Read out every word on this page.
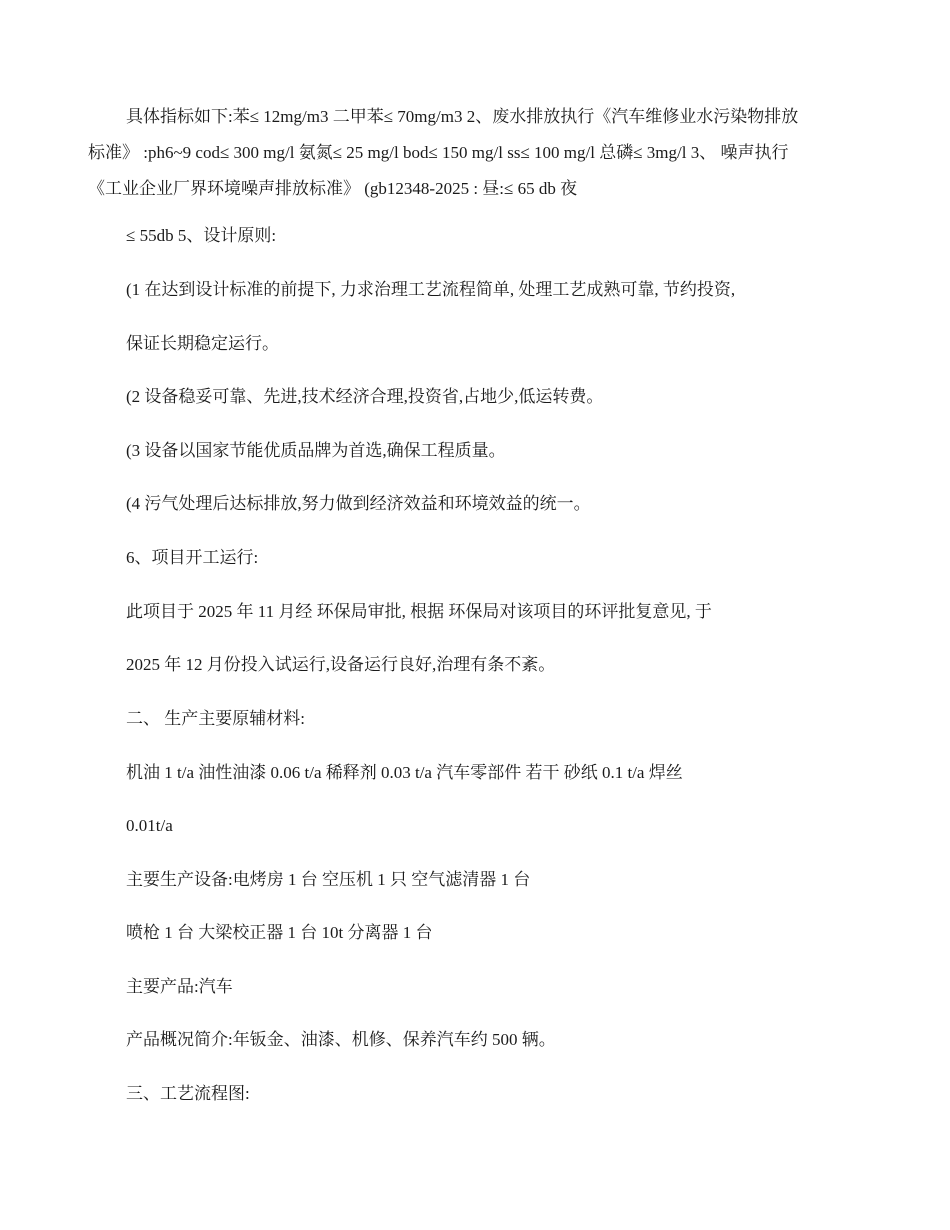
具体指标如下:苯≤ 12mg/m3 二甲苯≤ 70mg/m3 2、废水排放执行《汽车维修业水污染物排放
标准》 :ph6~9 cod≤ 300 mg/l 氨氮≤ 25 mg/l bod≤ 150 mg/l ss≤ 100 mg/l 总磷≤ 3mg/l 3、 噪声执行
《工业企业厂界环境噪声排放标准》 (gb12348-2025 : 昼:≤ 65 db 夜

≤ 55db 5、设计原则:

(1 在达到设计标准的前提下, 力求治理工艺流程简单, 处理工艺成熟可靠, 节约投资,

保证长期稳定运行。

(2 设备稳妥可靠、先进,技术经济合理,投资省,占地少,低运转费。

(3 设备以国家节能优质品牌为首选,确保工程质量。

(4 污气处理后达标排放,努力做到经济效益和环境效益的统一。

6、项目开工运行:

此项目于 2025 年 11 月经 环保局审批, 根据 环保局对该项目的环评批复意见, 于

2025 年 12 月份投入试运行,设备运行良好,治理有条不紊。

二、 生产主要原辅材料:

机油 1 t/a 油性油漆 0.06 t/a 稀释剂 0.03 t/a 汽车零部件 若干 砂纸 0.1 t/a 焊丝

0.01t/a

主要生产设备:电烤房 1 台 空压机 1 只 空气滤清器 1 台

喷枪 1 台 大梁校正器 1 台 10t 分离器 1 台

主要产品:汽车

产品概况简介:年钣金、油漆、机修、保养汽车约 500 辆。

三、工艺流程图:
